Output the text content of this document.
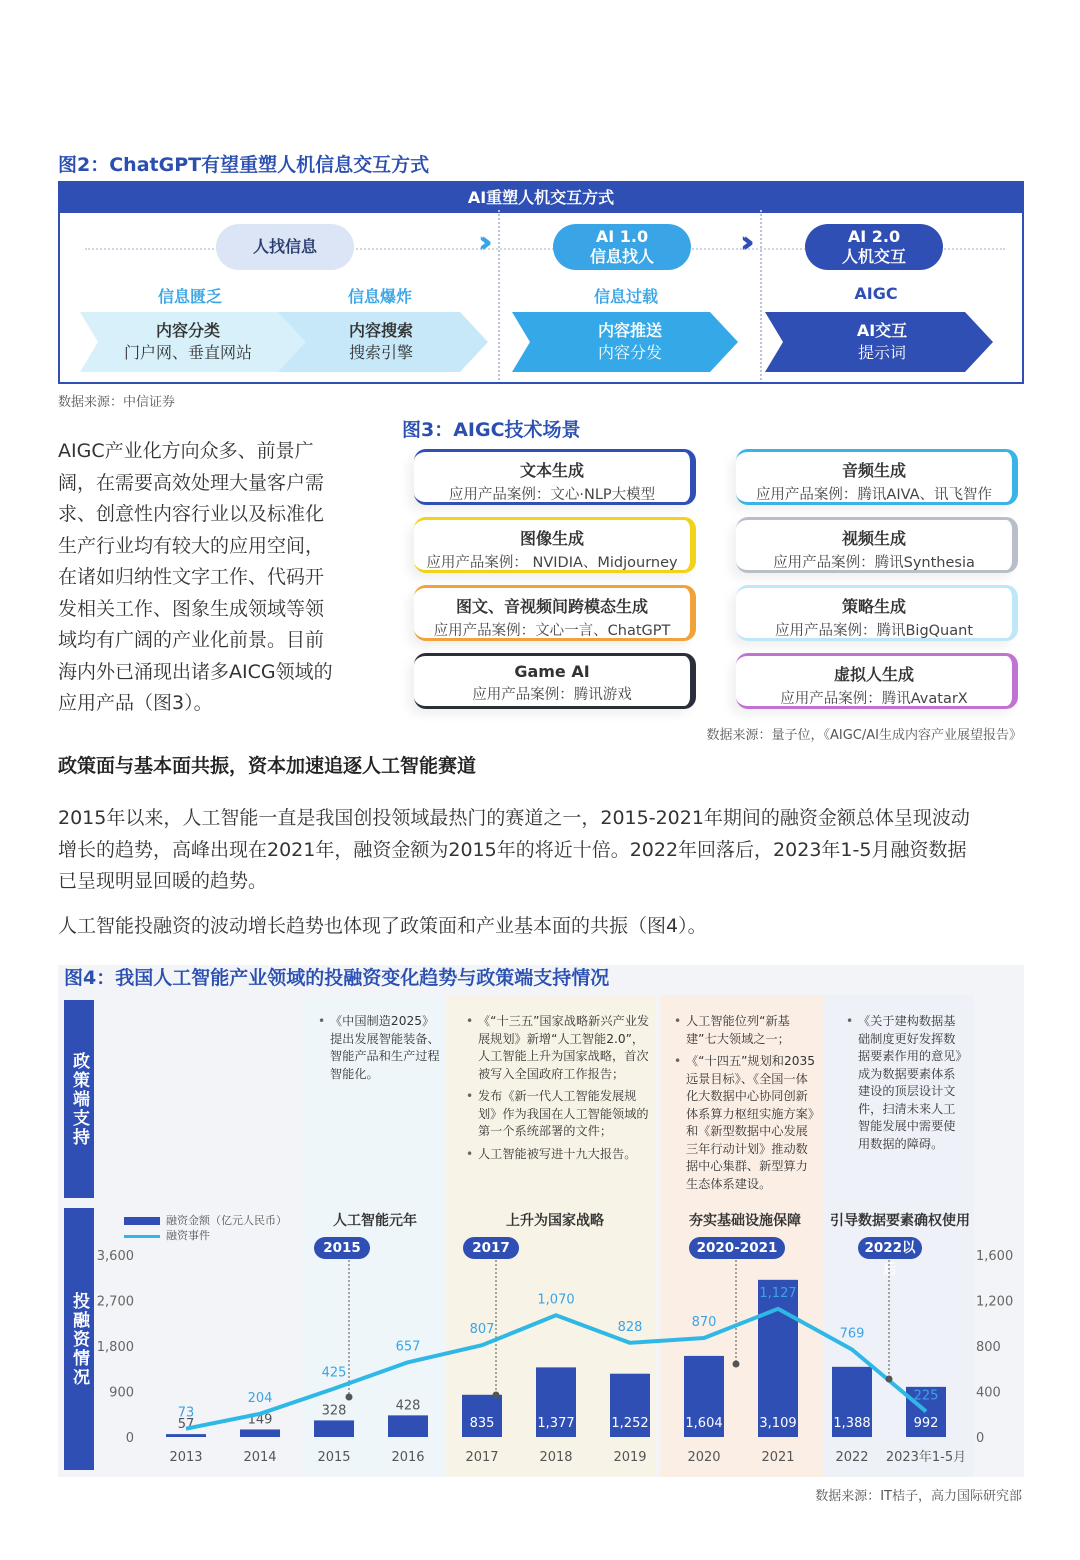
图2：ChatGPT有望重塑人机信息交互方式
AI重塑人机交互方式
人找信息	››	AI 1.0
信息找人	››	AI 2.0
人机交互
信息匮乏	信息爆炸	信息过载	AIGC
内容分类
门户网、垂直网站
内容搜索
搜索引擎
内容推送
内容分发
AI交互
提示词
数据来源：中信证券
AIGC产业化方向众多、前景广
阔，在需要高效处理大量客户需
求、创意性内容行业以及标准化
生产行业均有较大的应用空间，
在诸如归纳性文字工作、代码开
发相关工作、图象生成领域等领
域均有广阔的产业化前景。目前
海内外已涌现出诸多AICG领域的
应用产品（图3）。
图3：AIGC技术场景
文本生成
应用产品案例：文心·NLP大模型
音频生成
应用产品案例：腾讯AIVA、讯飞智作
图像生成
应用产品案例： NVIDIA、Midjourney
视频生成
应用产品案例：腾讯Synthesia
图文、音视频间跨模态生成
应用产品案例：文心一言、ChatGPT
策略生成
应用产品案例：腾讯BigQuant
Game AI
应用产品案例：腾讯游戏
虚拟人生成
应用产品案例：腾讯AvatarX
数据来源：量子位，《AIGC/AI生成内容产业展望报告》
政策面与基本面共振，资本加速追逐人工智能赛道
2015年以来，人工智能一直是我国创投领域最热门的赛道之一，2015-2021年期间的融资金额总体呈现波动
增长的趋势，高峰出现在2021年，融资金额为2015年的将近十倍。2022年回落后，2023年1-5月融资数据
已呈现明显回暖的趋势。
人工智能投融资的波动增长趋势也体现了政策面和产业基本面的共振（图4）。
图4：我国人工智能产业领域的投融资变化趋势与政策端支持情况
政策端支持
投融资情况
• 《中国制造2025》提出发展智能装备、智能产品和生产过程智能化。
• 《“十三五”国家战略新兴产业发展规划》新增“人工智能2.0”，人工智能上升为国家战略，首次被写入全国政府工作报告；
• 发布《新一代人工智能发展规划》作为我国在人工智能领域的第一个系统部署的文件；
• 人工智能被写进十九大报告。
• 人工智能位列“新基建”七大领域之一；
• 《“十四五”规划和2035远景目标》、《全国一体化大数据中心协同创新体系算力枢纽实施方案》和《新型数据中心发展三年行动计划》推动数据中心集群、新型算力生态体系建设。
• 《关于建构数据基础制度更好发挥数据要素作用的意见》成为数据要素体系建设的顶层设计文件，扫清未来人工智能发展中需要使用数据的障碍。
人工智能元年	上升为国家战略	夯实基础设施保障	引导数据要素确权使用
2015	2017	2020-2021	2022以后
融资金额（亿元人民币）
融资事件
0
900
1,800
2,700
3,600
0
400
800
1,200
1,600
57
2013
149
2014
328
2015
428
2016
835
2017
1,377
2018
1,252
2019
1,604
2020
3,109
2021
1,388
2022
992
2023年1-5月
73
204
425
657
807
1,070
828	870
1,127
769
225
数据来源：IT桔子，高力国际研究部
